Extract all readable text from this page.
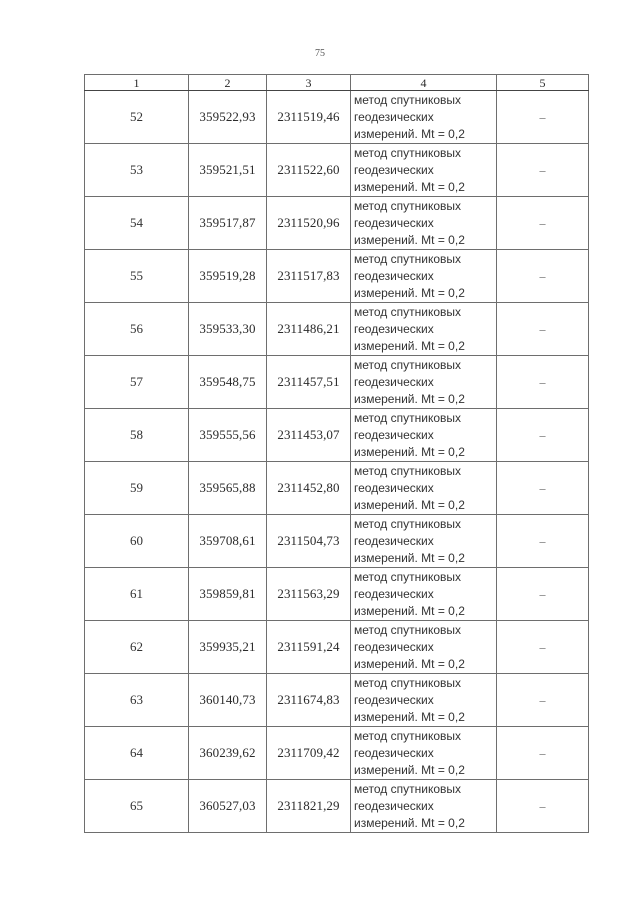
75
1	2	3	4	5
52	359522,93	2311519,46	метод спутниковых геодезических измерений. Mt = 0,2	–
53	359521,51	2311522,60	метод спутниковых геодезических измерений. Mt = 0,2	–
54	359517,87	2311520,96	метод спутниковых геодезических измерений. Mt = 0,2	–
55	359519,28	2311517,83	метод спутниковых геодезических измерений. Mt = 0,2	–
56	359533,30	2311486,21	метод спутниковых геодезических измерений. Mt = 0,2	–
57	359548,75	2311457,51	метод спутниковых геодезических измерений. Mt = 0,2	–
58	359555,56	2311453,07	метод спутниковых геодезических измерений. Mt = 0,2	–
59	359565,88	2311452,80	метод спутниковых геодезических измерений. Mt = 0,2	–
60	359708,61	2311504,73	метод спутниковых геодезических измерений. Mt = 0,2	–
61	359859,81	2311563,29	метод спутниковых геодезических измерений. Mt = 0,2	–
62	359935,21	2311591,24	метод спутниковых геодезических измерений. Mt = 0,2	–
63	360140,73	2311674,83	метод спутниковых геодезических измерений. Mt = 0,2	–
64	360239,62	2311709,42	метод спутниковых геодезических измерений. Mt = 0,2	–
65	360527,03	2311821,29	метод спутниковых геодезических измерений. Mt = 0,2	–
